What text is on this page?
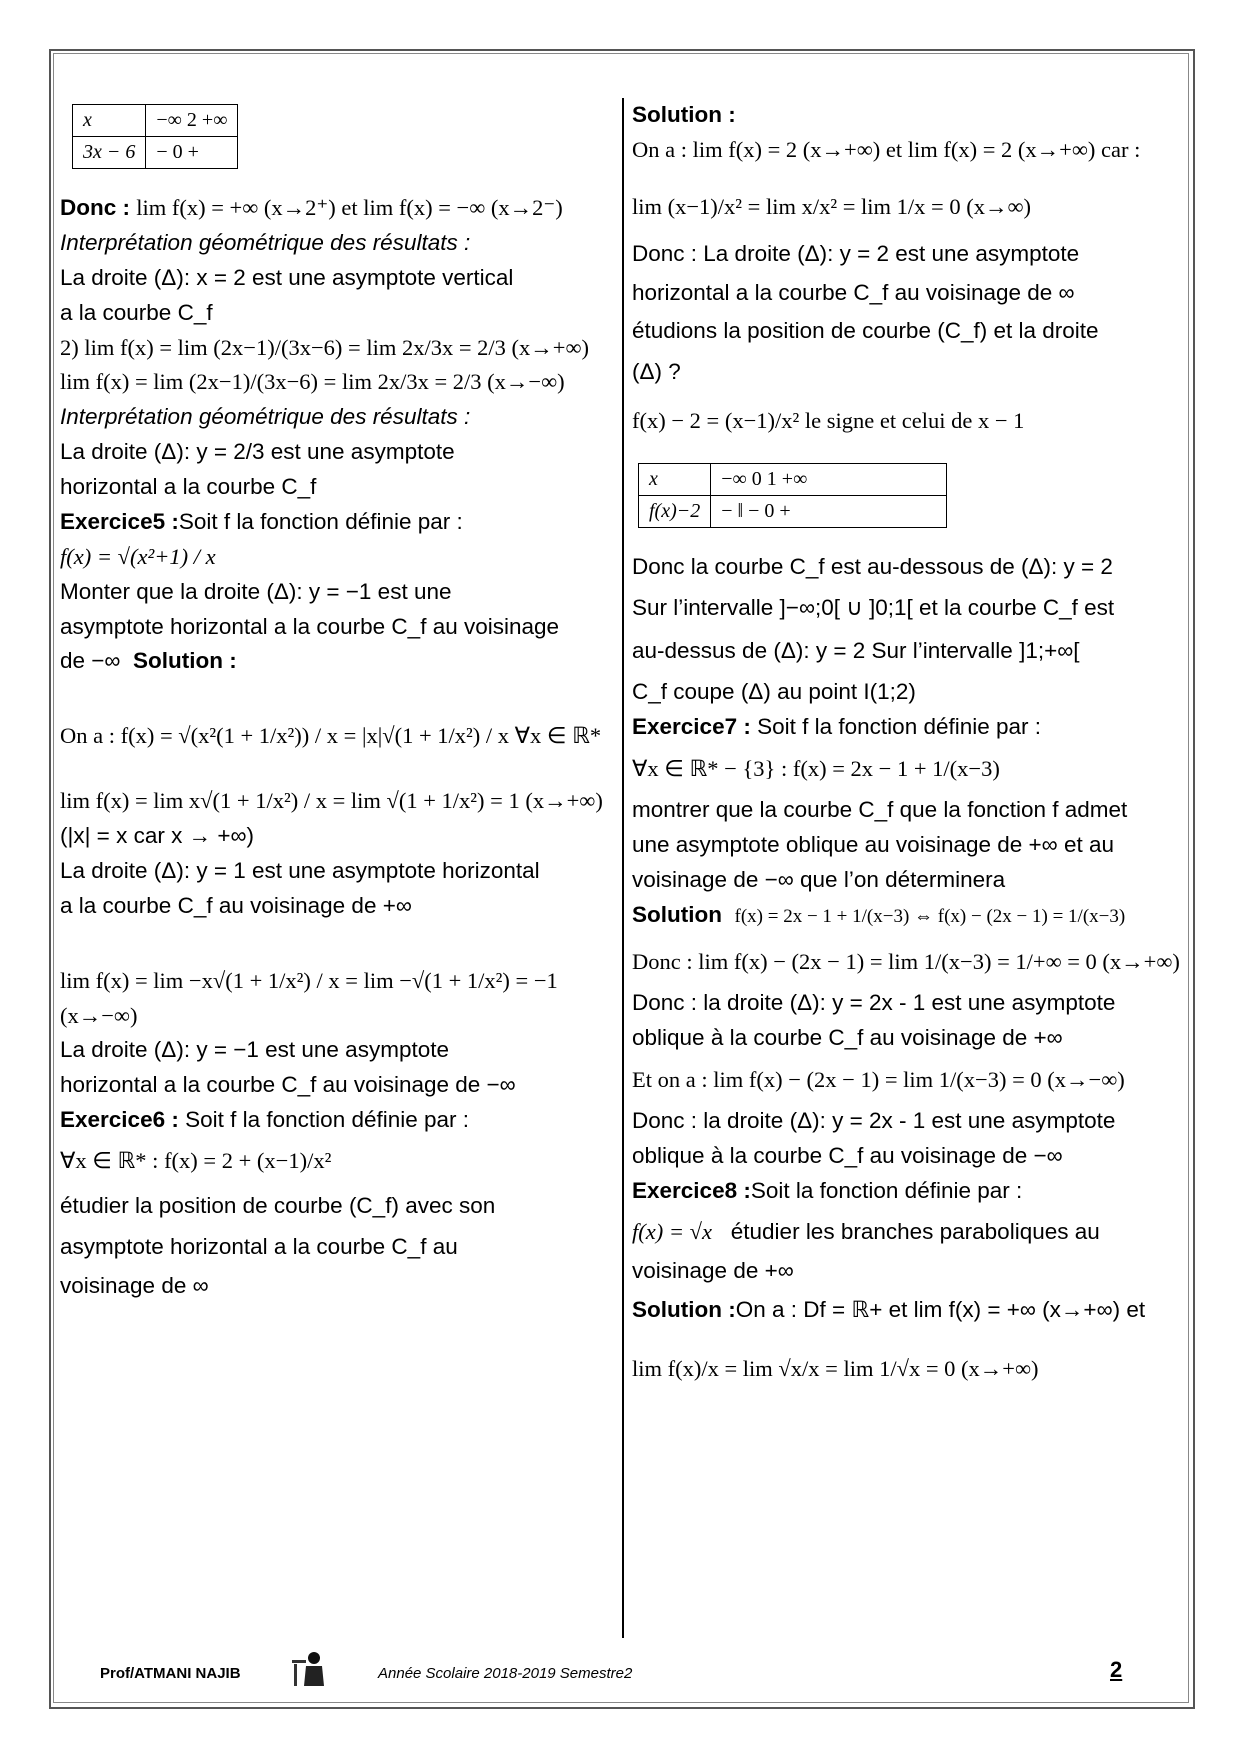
x	−∞ 2 +∞
3x − 6	− 0 +

Donc : lim f(x) = +∞ (x→2⁺) et lim f(x) = −∞ (x→2⁻)

Interprétation géométrique des résultats :

La droite (Δ): x = 2 est une asymptote vertical

a la courbe C_f

2) lim f(x) = lim (2x−1)/(3x−6) = lim 2x/3x = 2/3 (x→+∞)

lim f(x) = lim (2x−1)/(3x−6) = lim 2x/3x = 2/3 (x→−∞)

Interprétation géométrique des résultats :

La droite (Δ): y = 2/3 est une asymptote

horizontal a la courbe C_f

Exercice5 :Soit f la fonction définie par :

f(x) = √(x²+1) / x

Monter que la droite (Δ): y = −1 est une

asymptote horizontal a la courbe C_f au voisinage

de −∞ Solution :

On a : f(x) = √(x²(1 + 1/x²)) / x = |x|√(1 + 1/x²) / x ∀x ∈ ℝ*

lim f(x) = lim x√(1 + 1/x²) / x = lim √(1 + 1/x²) = 1 (x→+∞)

(|x| = x car x → +∞)

La droite (Δ): y = 1 est une asymptote horizontal

a la courbe C_f au voisinage de +∞

lim f(x) = lim −x√(1 + 1/x²) / x = lim −√(1 + 1/x²) = −1 (x→−∞)

La droite (Δ): y = −1 est une asymptote

horizontal a la courbe C_f au voisinage de −∞

Exercice6 : Soit f la fonction définie par :

∀x ∈ ℝ* : f(x) = 2 + (x−1)/x²

étudier la position de courbe (C_f) avec son

asymptote horizontal a la courbe C_f au

voisinage de ∞

Solution :

On a : lim f(x) = 2 (x→+∞) et lim f(x) = 2 (x→+∞) car :

lim (x−1)/x² = lim x/x² = lim 1/x = 0 (x→∞)

Donc : La droite (Δ): y = 2 est une asymptote

horizontal a la courbe C_f au voisinage de ∞

étudions la position de courbe (C_f) et la droite

(Δ) ?

f(x) − 2 = (x−1)/x² le signe et celui de x − 1

x	−∞ 0 1 +∞
f(x)−2	− ‖ − 0 +

Donc la courbe C_f est au-dessous de (Δ): y = 2

Sur l’intervalle ]−∞;0[ ∪ ]0;1[ et la courbe C_f est

au-dessus de (Δ): y = 2 Sur l’intervalle ]1;+∞[

C_f coupe (Δ) au point I(1;2)

Exercice7 : Soit f la fonction définie par :

∀x ∈ ℝ* − {3} : f(x) = 2x − 1 + 1/(x−3)

montrer que la courbe C_f que la fonction f admet

une asymptote oblique au voisinage de +∞ et au

voisinage de −∞ que l’on déterminera

Solution f(x) = 2x − 1 + 1/(x−3) ⇔ f(x) − (2x − 1) = 1/(x−3)

Donc : lim f(x) − (2x − 1) = lim 1/(x−3) = 1/+∞ = 0 (x→+∞)

Donc : la droite (Δ): y = 2x - 1 est une asymptote

oblique à la courbe C_f au voisinage de +∞

Et on a : lim f(x) − (2x − 1) = lim 1/(x−3) = 0 (x→−∞)

Donc : la droite (Δ): y = 2x - 1 est une asymptote

oblique à la courbe C_f au voisinage de −∞

Exercice8 :Soit la fonction définie par :

f(x) = √x étudier les branches paraboliques au

voisinage de +∞

Solution :On a : Df = ℝ+ et lim f(x) = +∞ (x→+∞) et

lim f(x)/x = lim √x/x = lim 1/√x = 0 (x→+∞)

Prof/ATMANI NAJIB	Année Scolaire 2018-2019 Semestre2	2
